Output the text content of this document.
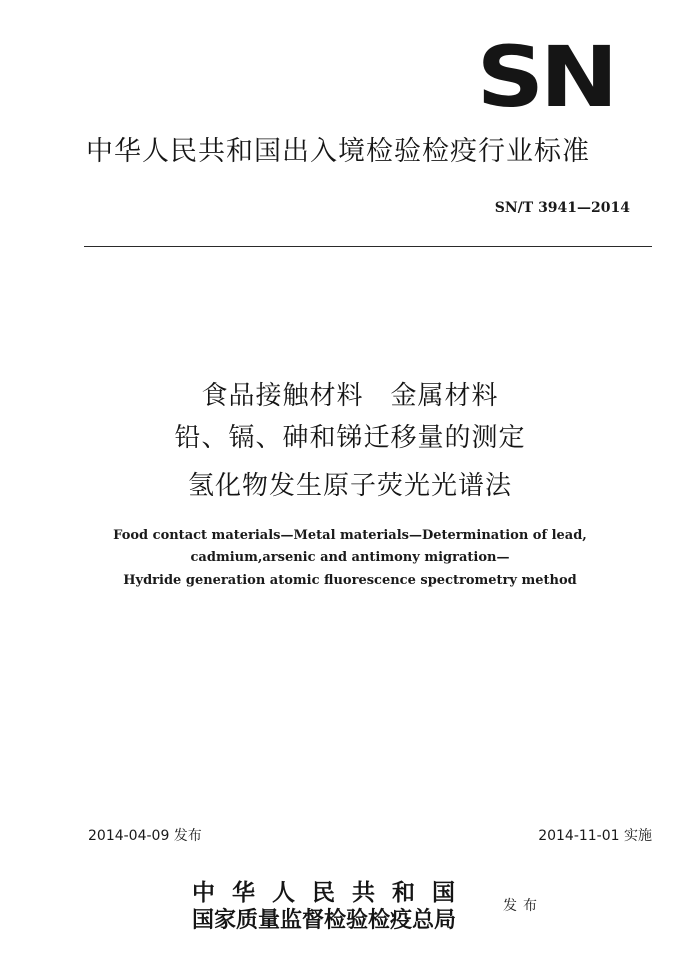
SN
中华人民共和国出入境检验检疫行业标准
SN/T 3941—2014
食品接触材料　金属材料
铅、镉、砷和锑迁移量的测定
氢化物发生原子荧光光谱法
Food contact materials—Metal materials—Determination of lead,
cadmium,arsenic and antimony migration—
Hydride generation atomic fluorescence spectrometry method
2014-04-09 发布	2014-11-01 实施
中华人民共和国
国家质量监督检验检疫总局
发布
